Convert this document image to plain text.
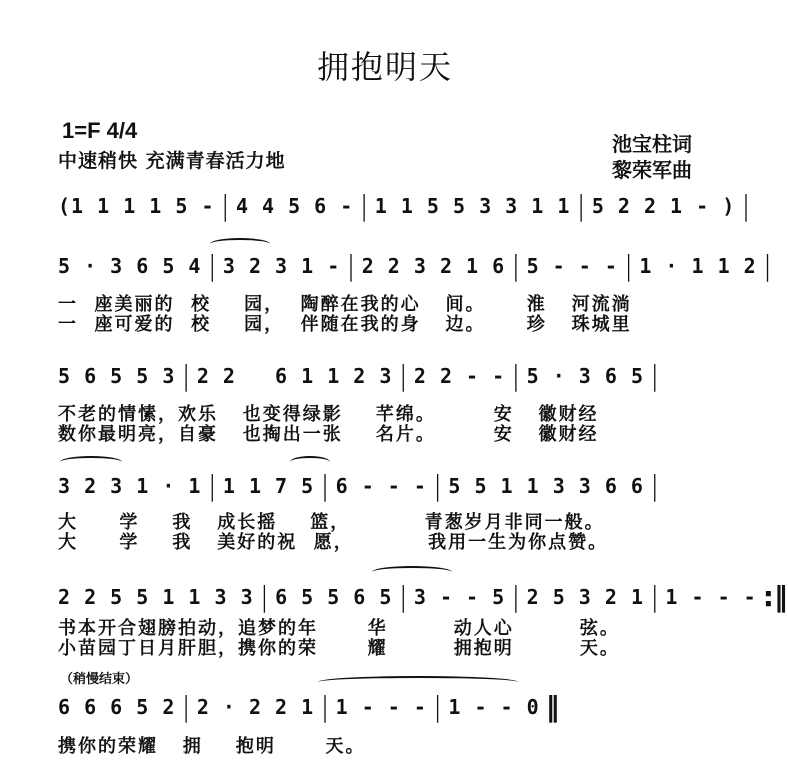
拥抱明天
1=F 4/4
中速稍快 充满青春活力地
池宝柱词
黎荣军曲
(1 1 1 1 5 - | 4 4 5 6 - | 1 1 5 5 3 3 1 1 | 5 2 2 1 - ) |
5 · 3 6 5 4 | 3 2 3 1 - | 2 2 3 2 1 6 | 5 - - - | 1 · 1 1 2 |
一  座美丽的  校    园，  陶醉在我的心   间。     淮   河流淌
一  座可爱的  校    园，  伴随在我的身   边。     珍   珠城里
5 6 5 5 3 | 2 2   6 1 1 2 3 | 2 2 - - | 5 · 3 6 5 |
不老的情愫，欢乐   也变得绿影    芊绵。       安   徽财经
数你最明亮，自豪   也掏出一张    名片。       安   徽财经
3 2 3 1 · 1 | 1 1 7 5 | 6 - - - | 5 5 1 1 3 3 6 6 |
大     学    我   成长摇    篮，         青葱岁月非同一般。
大     学    我   美好的祝  愿，         我用一生为你点赞。
2 2 5 5 1 1 3 3 | 6 5 5 6 5 | 3 - - 5 | 2 5 3 2 1 | 1 - - - :‖
书本开合翅膀拍动，追梦的年      华        动人心        弦。
小苗园丁日月肝胆，携你的荣      耀        拥抱明        天。
（稍慢结束）
6 6 6 5 2 | 2 · 2 2 1 | 1 - - - | 1 - - 0 ‖
携你的荣耀   拥    抱明      天。
